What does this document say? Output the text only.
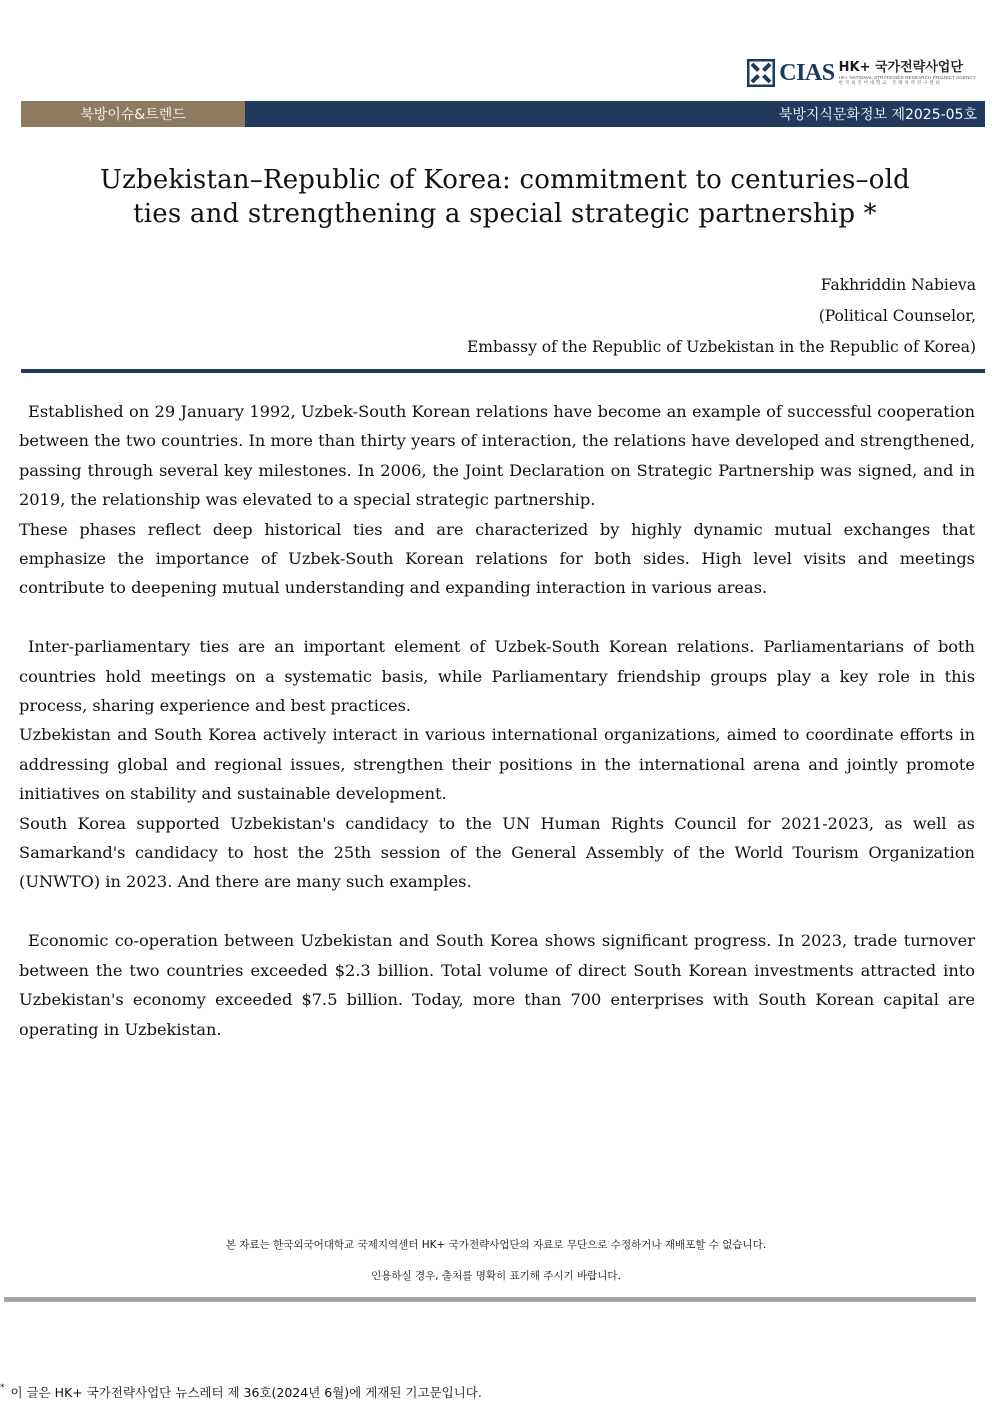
CIAS HK+ 국가전략사업단
HK+ NATIONAL STRATEGIES RESEARCH PROJECT AGENCY
한국외국어대학교 국제지역연구센터
북방이슈&트렌드	북방지식문화정보 제2025-05호
Uzbekistan–Republic of Korea: commitment to centuries–old
ties and strengthening a special strategic partnership *
Fakhriddin Nabieva
(Political Counselor,
Embassy of the Republic of Uzbekistan in the Republic of Korea)

Established on 29 January 1992, Uzbek-South Korean relations have become an example of successful cooperation between the two countries. In more than thirty years of interaction, the relations have developed and strengthened, passing through several key milestones. In 2006, the Joint Declaration on Strategic Partnership was signed, and in 2019, the relationship was elevated to a special strategic partnership.

These phases reflect deep historical ties and are characterized by highly dynamic mutual exchanges that emphasize the importance of Uzbek-South Korean relations for both sides. High level visits and meetings contribute to deepening mutual understanding and expanding interaction in various areas.

Inter-parliamentary ties are an important element of Uzbek-South Korean relations. Parliamentarians of both countries hold meetings on a systematic basis, while Parliamentary friendship groups play a key role in this process, sharing experience and best practices.

Uzbekistan and South Korea actively interact in various international organizations, aimed to coordinate efforts in addressing global and regional issues, strengthen their positions in the international arena and jointly promote initiatives on stability and sustainable development.

South Korea supported Uzbekistan's candidacy to the UN Human Rights Council for 2021-2023, as well as Samarkand's candidacy to host the 25th session of the General Assembly of the World Tourism Organization (UNWTO) in 2023. And there are many such examples.

Economic co-operation between Uzbekistan and South Korea shows significant progress. In 2023, trade turnover between the two countries exceeded $2.3 billion. Total volume of direct South Korean investments attracted into Uzbekistan's economy exceeded $7.5 billion. Today, more than 700 enterprises with South Korean capital are operating in Uzbekistan.

본 자료는 한국외국어대학교 국제지역센터 HK+ 국가전략사업단의 자료로 무단으로 수정하거나 재배포할 수 없습니다.
인용하실 경우, 출처를 명확히 표기해 주시기 바랍니다.
* 이 글은 HK+ 국가전략사업단 뉴스레터 제 36호(2024년 6월)에 게재된 기고문입니다.
